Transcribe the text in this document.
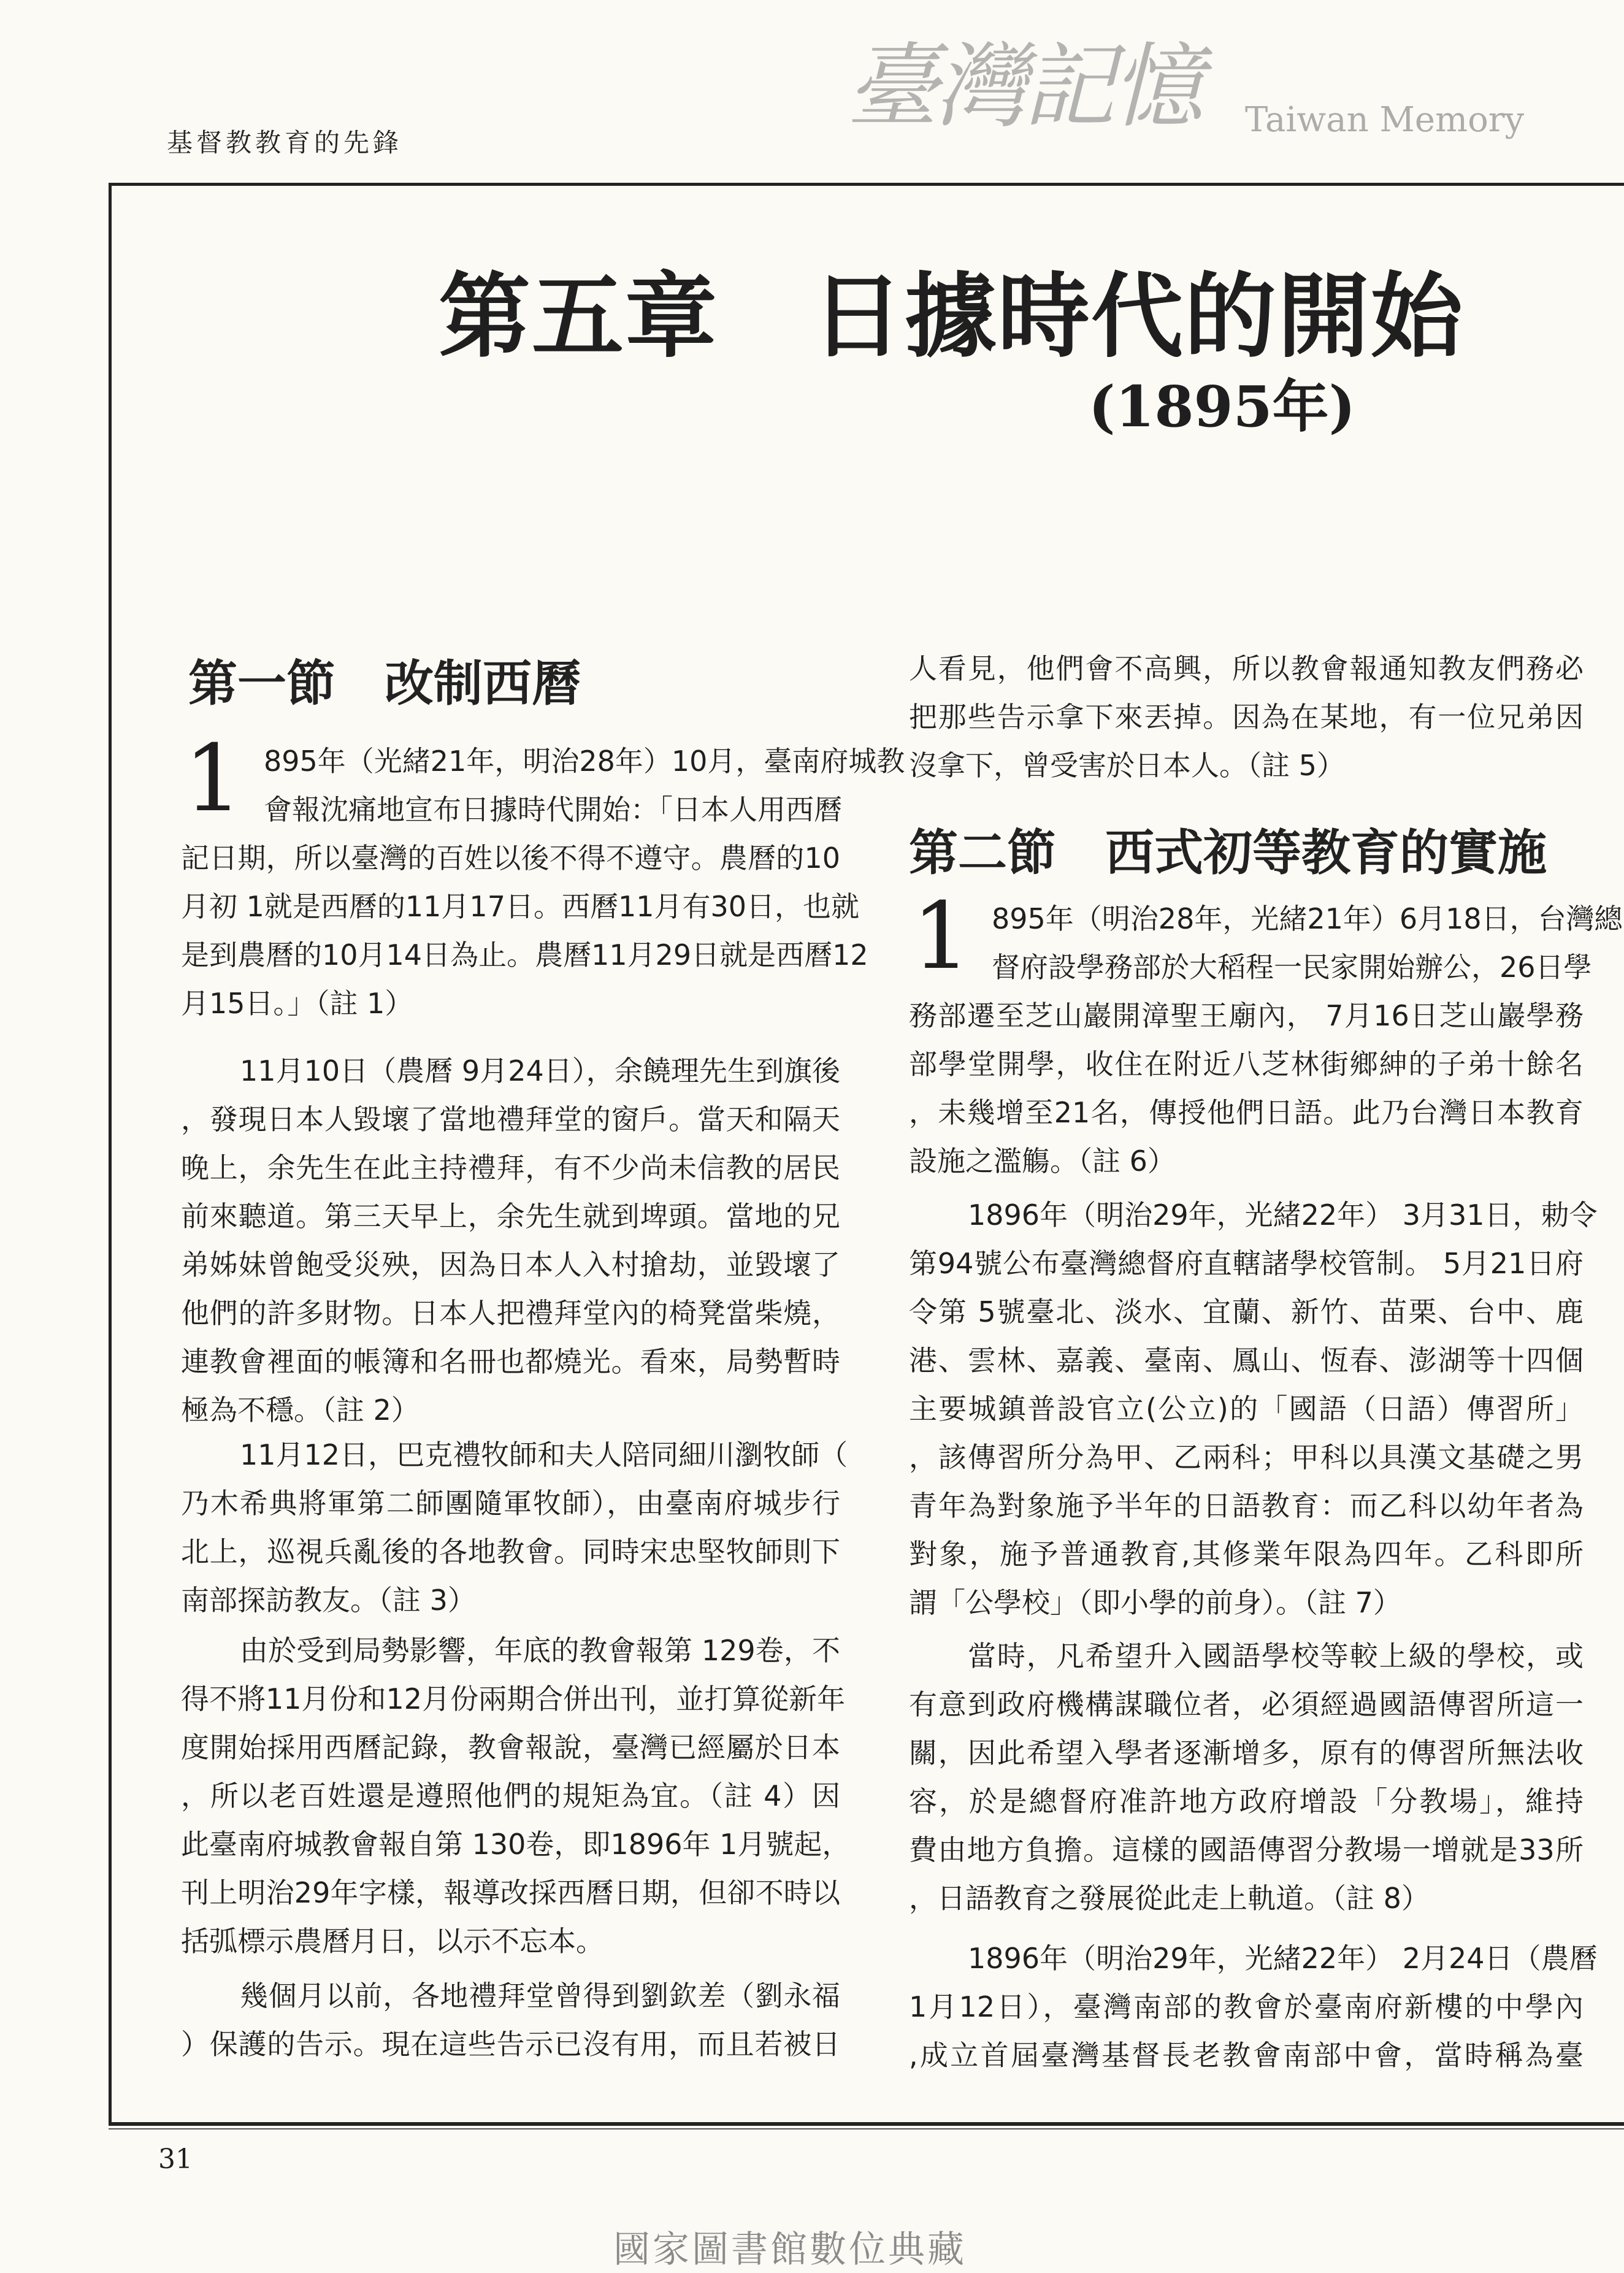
基督教教育的先鋒
第五章　日據時代的開始
(1895年)
第一節　改制西曆
1 895年（光緒21年，明治28年）10月，臺南府城教
會報沈痛地宣布日據時代開始：「日本人用西曆
記日期，所以臺灣的百姓以後不得不遵守。農曆的10
月初 1就是西曆的11月17日。西曆11月有30日，也就
是到農曆的10月14日為止。農曆11月29日就是西曆12
月15日。」（註 1）
11月10日（農曆 9月24日），余饒理先生到旗後
，發現日本人毀壞了當地禮拜堂的窗戶。當天和隔天
晚上，余先生在此主持禮拜，有不少尚未信教的居民
前來聽道。第三天早上，余先生就到埤頭。當地的兄
弟姊妹曾飽受災殃，因為日本人入村搶劫，並毀壞了
他們的許多財物。日本人把禮拜堂內的椅凳當柴燒，
連教會裡面的帳簿和名冊也都燒光。看來，局勢暫時
極為不穩。（註 2）
11月12日，巴克禮牧師和夫人陪同細川瀏牧師（
乃木希典將軍第二師團隨軍牧師），由臺南府城步行
北上，巡視兵亂後的各地教會。同時宋忠堅牧師則下
南部探訪教友。（註 3）
由於受到局勢影響，年底的教會報第 129卷，不
得不將11月份和12月份兩期合併出刊，並打算從新年
度開始採用西曆記錄，教會報說，臺灣已經屬於日本
，所以老百姓還是遵照他們的規矩為宜。（註 4）因
此臺南府城教會報自第 130卷，即1896年 1月號起，
刊上明治29年字樣，報導改採西曆日期，但卻不時以
括弧標示農曆月日，以示不忘本。
幾個月以前，各地禮拜堂曾得到劉欽差（劉永福
）保護的告示。現在這些告示已沒有用，而且若被日
人看見，他們會不高興，所以教會報通知教友們務必
把那些告示拿下來丟掉。因為在某地，有一位兄弟因
沒拿下，曾受害於日本人。（註 5）
第二節　西式初等教育的實施
1 895年（明治28年，光緒21年）6月18日，台灣總
督府設學務部於大稻程一民家開始辦公，26日學
務部遷至芝山巖開漳聖王廟內， 7月16日芝山巖學務
部學堂開學，收住在附近八芝林街鄉紳的子弟十餘名
，未幾增至21名，傳授他們日語。此乃台灣日本教育
設施之濫觴。（註 6）
1896年（明治29年，光緒22年） 3月31日，勅令
第94號公布臺灣總督府直轄諸學校管制。 5月21日府
令第 5號臺北、淡水、宜蘭、新竹、苗栗、台中、鹿
港、雲林、嘉義、臺南、鳳山、恆春、澎湖等十四個
主要城鎮普設官立(公立)的「國語（日語）傳習所」
，該傳習所分為甲、乙兩科；甲科以具漢文基礎之男
青年為對象施予半年的日語教育：而乙科以幼年者為
對象，施予普通教育,其修業年限為四年。乙科即所
謂「公學校」（即小學的前身）。（註 7）
當時，凡希望升入國語學校等較上級的學校，或
有意到政府機構謀職位者，必須經過國語傳習所這一
關，因此希望入學者逐漸增多，原有的傳習所無法收
容，於是總督府准許地方政府增設「分教場」，維持
費由地方負擔。這樣的國語傳習分教場一增就是33所
，日語教育之發展從此走上軌道。（註 8）
1896年（明治29年，光緒22年） 2月24日（農曆
1月12日），臺灣南部的教會於臺南府新樓的中學內
,成立首屆臺灣基督長老教會南部中會，當時稱為臺
臺灣記憶 Taiwan Memory
31
國家圖書館數位典藏
